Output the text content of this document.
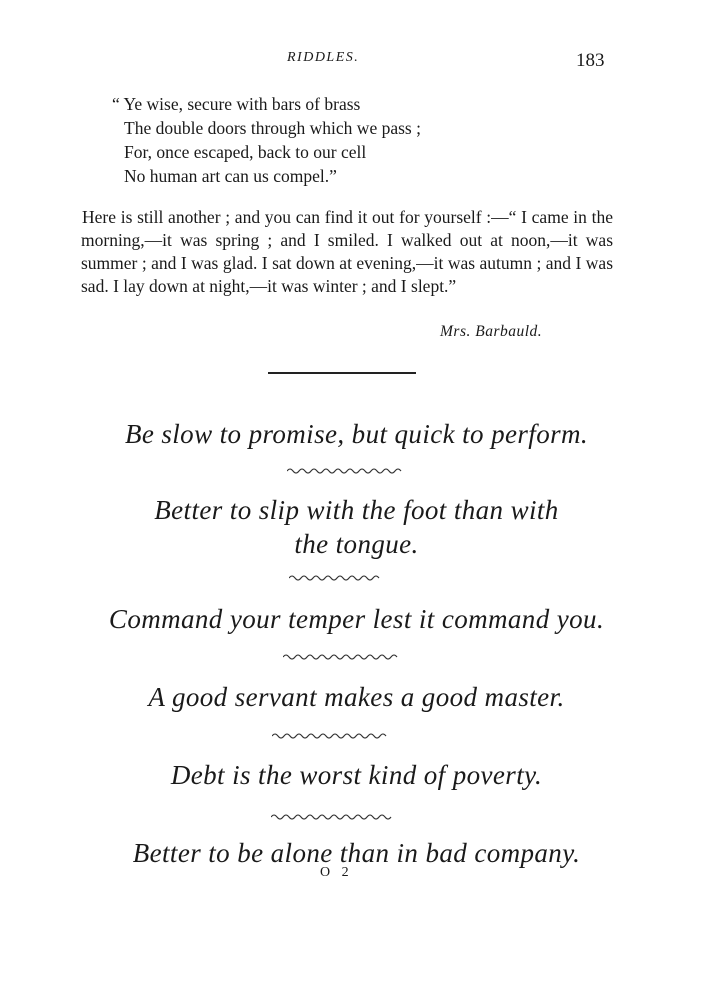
RIDDLES.	183
“ Ye wise, secure with bars of brass
The double doors through which we pass ;
For, once escaped, back to our cell
No human art can us compel.”
Here is still another ; and you can find it out for yourself :—“ I came in the morning,—it was spring ; and I smiled. I walked out at noon,—it was summer ; and I was glad. I sat down at evening,—it was autumn ; and I was sad. I lay down at night,—it was winter ; and I slept.”
Mrs. Barbauld.
Be slow to promise, but quick to perform.
Better to slip with the foot than with
the tongue.
Command your temper lest it command you.
A good servant makes a good master.
Debt is the worst kind of poverty.
Better to be alone than in bad company.
O 2
